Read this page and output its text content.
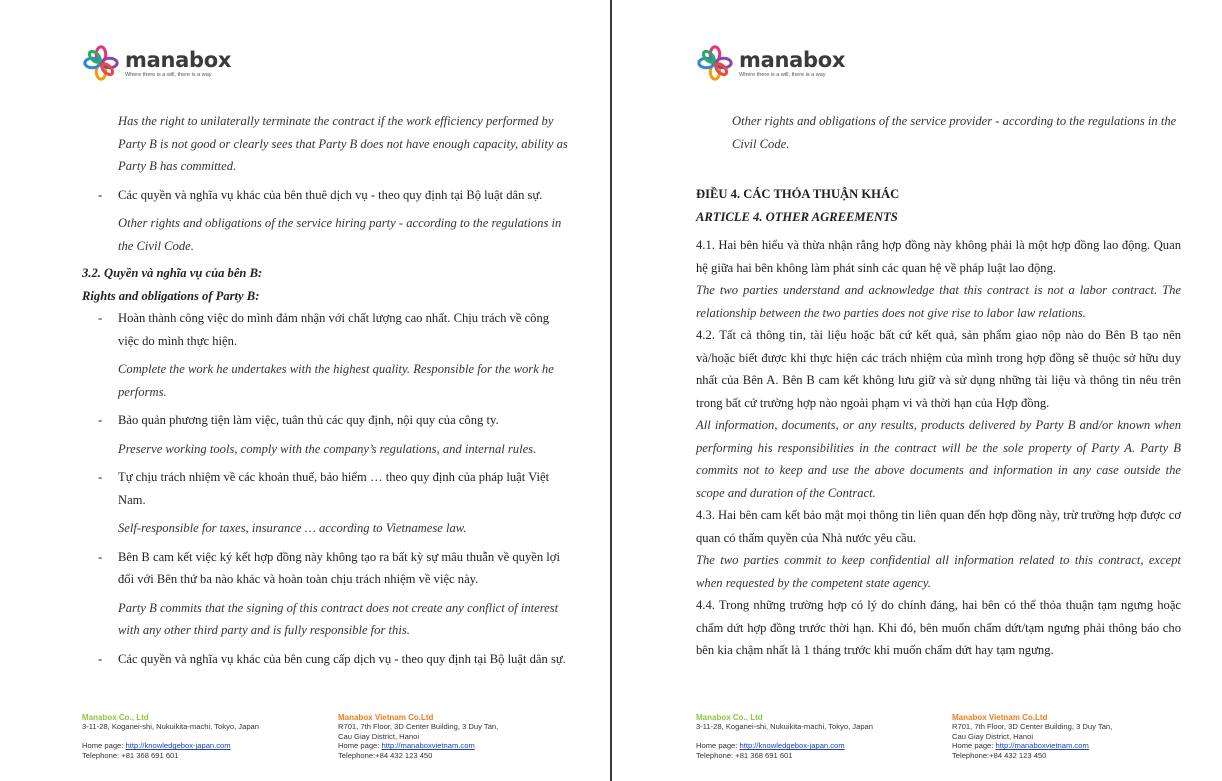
manabox
Where there is a will, there is a way

Has the right to unilaterally terminate the contract if the work efficiency performed by Party B is not good or clearly sees that Party B does not have enough capacity, ability as Party B has committed.

- Các quyền và nghĩa vụ khác của bên thuê dịch vụ - theo quy định tại Bộ luật dân sự.

Other rights and obligations of the service hiring party - according to the regulations in the Civil Code.

3.2. Quyền và nghĩa vụ của bên B:

Rights and obligations of Party B:

- Hoàn thành công việc do mình đảm nhận với chất lượng cao nhất. Chịu trách về công việc do mình thực hiện.

Complete the work he undertakes with the highest quality. Responsible for the work he performs.

- Bảo quản phương tiện làm việc, tuân thủ các quy định, nội quy của công ty.

Preserve working tools, comply with the company’s regulations, and internal rules.

- Tự chịu trách nhiệm về các khoản thuế, bảo hiểm … theo quy định của pháp luật Việt Nam.

Self-responsible for taxes, insurance … according to Vietnamese law.

- Bên B cam kết việc ký kết hợp đồng này không tạo ra bất kỳ sự mâu thuẫn về quyền lợi đối với Bên thứ ba nào khác và hoàn toàn chịu trách nhiệm về việc này.

Party B commits that the signing of this contract does not create any conflict of interest with any other third party and is fully responsible for this.

- Các quyền và nghĩa vụ khác của bên cung cấp dịch vụ - theo quy định tại Bộ luật dân sự.

Manabox Co., Ltd
3-11-28, Koganei-shi, Nukuikita-machi, Tokyo, Japan
Home page: http://knowledgebox-japan.com
Telephone: +81 368 691 601
Manabox Vietnam Co.Ltd
R701, 7th Floor, 3D Center Building, 3 Duy Tan,
Cau Giay District, Hanoi
Home page: http://manaboxvietnam.com
Telephone:+84 432 123 450
manabox
Where there is a will, there is a way

Other rights and obligations of the service provider - according to the regulations in the Civil Code.

ĐIỀU 4. CÁC THỎA THUẬN KHÁC

ARTICLE 4. OTHER AGREEMENTS

4.1. Hai bên hiểu và thừa nhận rằng hợp đồng này không phải là một hợp đồng lao động. Quan hệ giữa hai bên không làm phát sinh các quan hệ về pháp luật lao động.

The two parties understand and acknowledge that this contract is not a labor contract. The relationship between the two parties does not give rise to labor law relations.

4.2. Tất cả thông tin, tài liệu hoặc bất cứ kết quả, sản phẩm giao nộp nào do Bên B tạo nên và/hoặc biết được khi thực hiện các trách nhiệm của mình trong hợp đồng sẽ thuộc sở hữu duy nhất của Bên A. Bên B cam kết không lưu giữ và sử dụng những tài liệu và thông tin nêu trên trong bất cứ trường hợp nào ngoài phạm vi và thời hạn của Hợp đồng.

All information, documents, or any results, products delivered by Party B and/or known when performing his responsibilities in the contract will be the sole property of Party A. Party B commits not to keep and use the above documents and information in any case outside the scope and duration of the Contract.

4.3. Hai bên cam kết bảo mật mọi thông tin liên quan đến hợp đồng này, trừ trường hợp được cơ quan có thẩm quyền của Nhà nước yêu cầu.

The two parties commit to keep confidential all information related to this contract, except when requested by the competent state agency.

4.4. Trong những trường hợp có lý do chính đáng, hai bên có thể thỏa thuận tạm ngưng hoặc chấm dứt hợp đồng trước thời hạn. Khi đó, bên muốn chấm dứt/tạm ngưng phải thông báo cho bên kia chậm nhất là 1 tháng trước khi muốn chấm dứt hay tạm ngưng.

Manabox Co., Ltd
3-11-28, Koganei-shi, Nukuikita-machi, Tokyo, Japan
Home page: http://knowledgebox-japan.com
Telephone: +81 368 691 601
Manabox Vietnam Co.Ltd
R701, 7th Floor, 3D Center Building, 3 Duy Tan,
Cau Giay District, Hanoi
Home page: http://manaboxvietnam.com
Telephone:+84 432 123 450
